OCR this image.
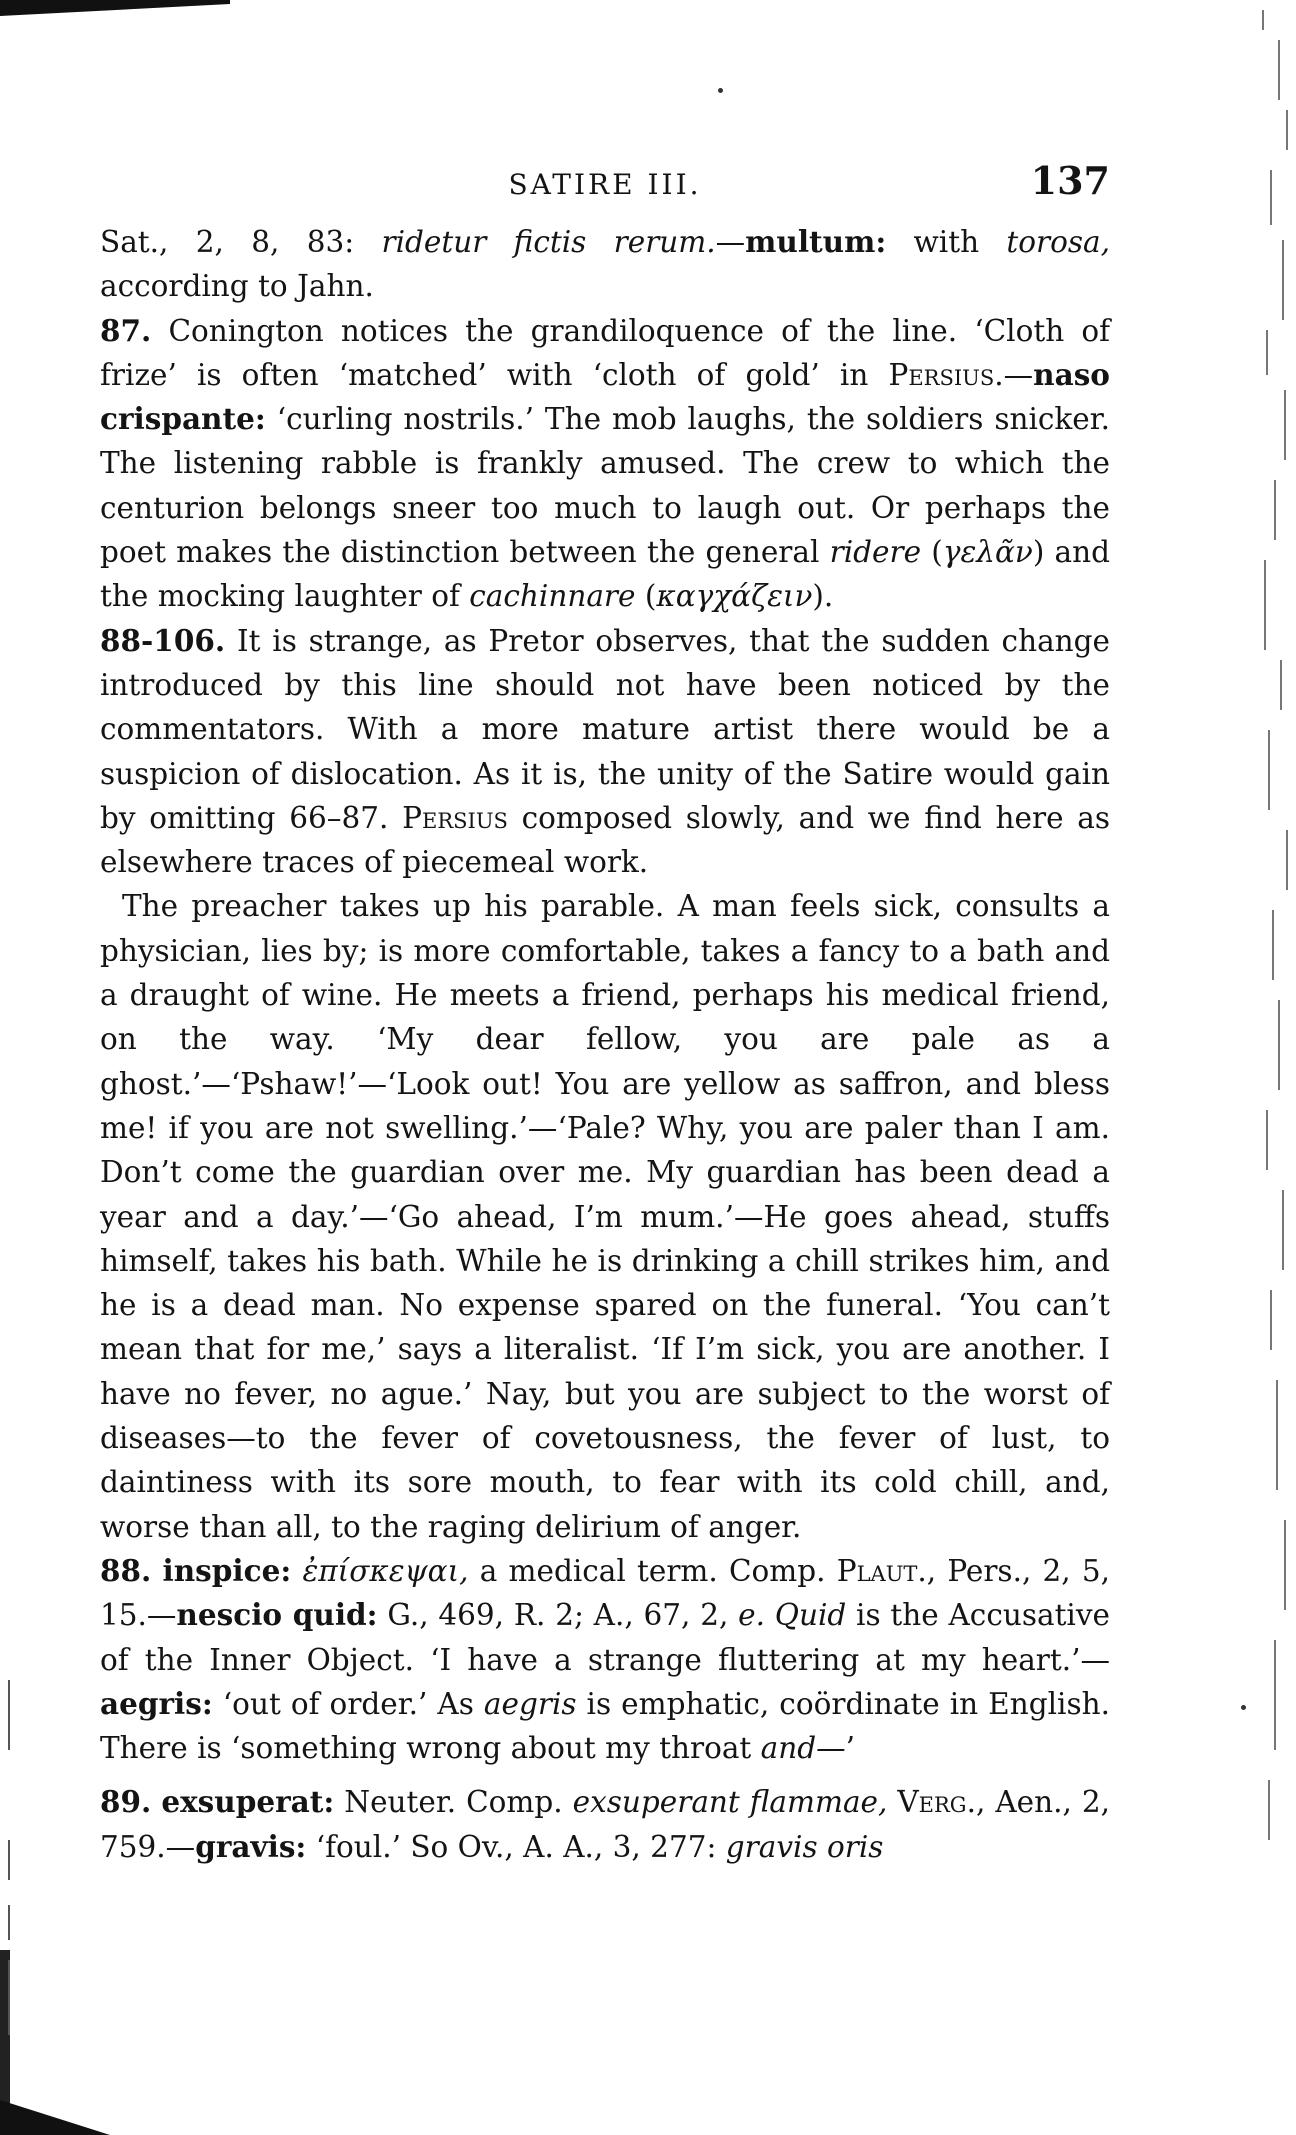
SATIRE III.	137

Sat., 2, 8, 83: ridetur fictis rerum.—multum: with torosa, according to Jahn.

87. Conington notices the grandiloquence of the line. ‘Cloth of frize’ is often ‘matched’ with ‘cloth of gold’ in Persius.—naso crispante: ‘curling nostrils.’ The mob laughs, the soldiers snicker. The listening rabble is frankly amused. The crew to which the centurion belongs sneer too much to laugh out. Or perhaps the poet makes the distinction between the general ridere (γελᾶν) and the mocking laughter of cachinnare (καγχάζειν).

88-106. It is strange, as Pretor observes, that the sudden change introduced by this line should not have been noticed by the commentators. With a more mature artist there would be a suspicion of dislocation. As it is, the unity of the Satire would gain by omitting 66–87. Persius composed slowly, and we find here as elsewhere traces of piecemeal work.

The preacher takes up his parable. A man feels sick, consults a physician, lies by; is more comfortable, takes a fancy to a bath and a draught of wine. He meets a friend, perhaps his medical friend, on the way. ‘My dear fellow, you are pale as a ghost.’—‘Pshaw!’—‘Look out! You are yellow as saffron, and bless me! if you are not swelling.’—‘Pale? Why, you are paler than I am. Don’t come the guardian over me. My guardian has been dead a year and a day.’—‘Go ahead, I’m mum.’—He goes ahead, stuffs himself, takes his bath. While he is drinking a chill strikes him, and he is a dead man. No expense spared on the funeral. ‘You can’t mean that for me,’ says a literalist. ‘If I’m sick, you are another. I have no fever, no ague.’ Nay, but you are subject to the worst of diseases—to the fever of covetousness, the fever of lust, to daintiness with its sore mouth, to fear with its cold chill, and, worse than all, to the raging delirium of anger.

88. inspice: ἐπίσκεψαι, a medical term. Comp. Plaut., Pers., 2, 5, 15.—nescio quid: G., 469, R. 2; A., 67, 2, e. Quid is the Accusative of the Inner Object. ‘I have a strange fluttering at my heart.’—aegris: ‘out of order.’ As aegris is emphatic, coördinate in English. There is ‘something wrong about my throat and—’

89. exsuperat: Neuter. Comp. exsuperant flammae, Verg., Aen., 2, 759.—gravis: ‘foul.’ So Ov., A. A., 3, 277: gravis oris
